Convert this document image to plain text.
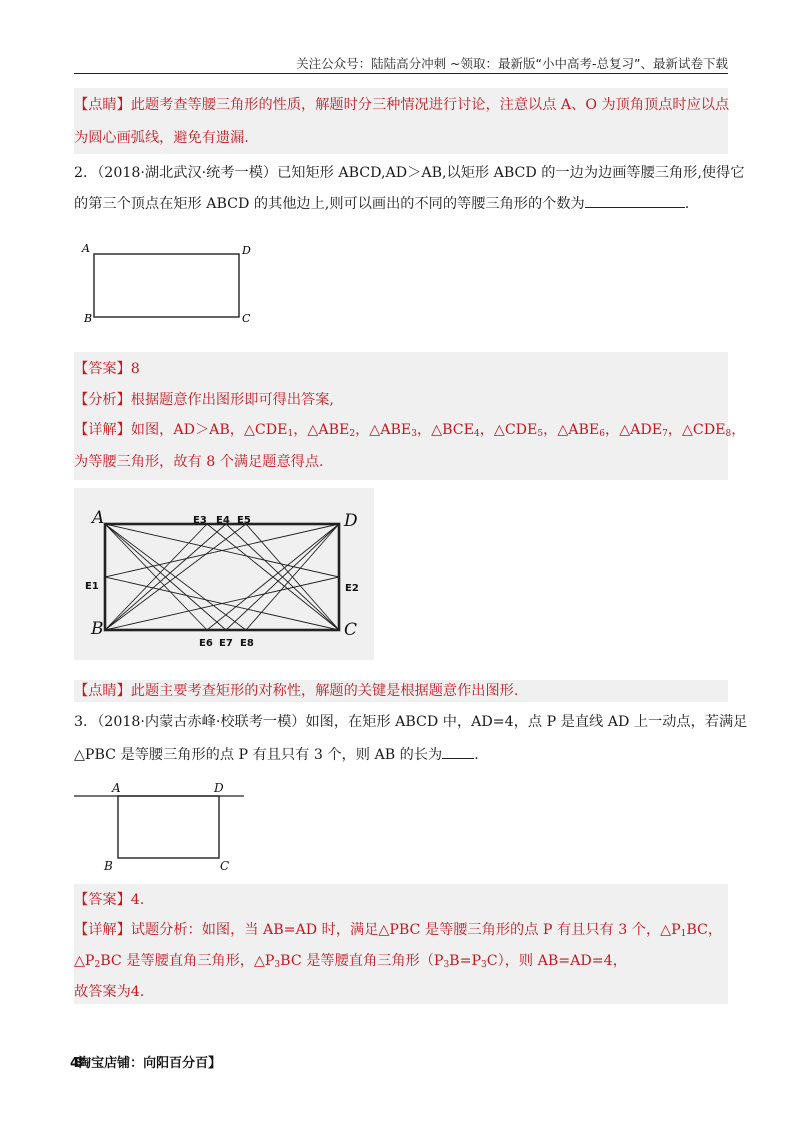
关注公众号：陆陆高分冲刺 ~领取：最新版“小中高考-总复习”、最新试卷下载
【点睛】此题考查等腰三角形的性质，解题时分三种情况进行讨论，注意以点 A、O 为顶角顶点时应以点
为圆心画弧线，避免有遗漏.
2．（2018·湖北武汉·统考一模）已知矩形 ABCD,AD＞AB,以矩形 ABCD 的一边为边画等腰三角形,使得它
的第三个顶点在矩形 ABCD 的其他边上,则可以画出的不同的等腰三角形的个数为	.
A	D
B	C
【答案】8
【分析】根据题意作出图形即可得出答案,
【详解】如图，AD＞AB，$\triangle CDE_1$，$\triangle ABE_2$，$\triangle ABE_3$，$\triangle BCE_4$，$\triangle CDE_5$，$\triangle ABE_6$，$\triangle ADE_7$，$\triangle CDE_8$，
为等腰三角形，故有 8 个满足题意得点.
A	D
B	C
E1	E2
E3 E4 E5
E6 E7 E8
【点睛】此题主要考查矩形的对称性，解题的关键是根据题意作出图形.
3．（2018·内蒙古赤峰·校联考一模）如图，在矩形 ABCD 中，AD=4，点 P 是直线 AD 上一动点，若满足
△PBC 是等腰三角形的点 P 有且只有 3 个，则 AB 的长为 .
A	D
B	C
【答案】4.
【详解】试题分析：如图，当 AB=AD 时，满足△PBC 是等腰三角形的点 P 有且只有 3 个，$\triangle P_1BC$，
$\triangle P_2BC$ 是等腰直角三角形，$\triangle P_3BC$ 是等腰直角三角形$(P_3B=P_3C)$，则 AB=AD=4，
故答案为4.
48淘宝店铺：向阳百分百】
